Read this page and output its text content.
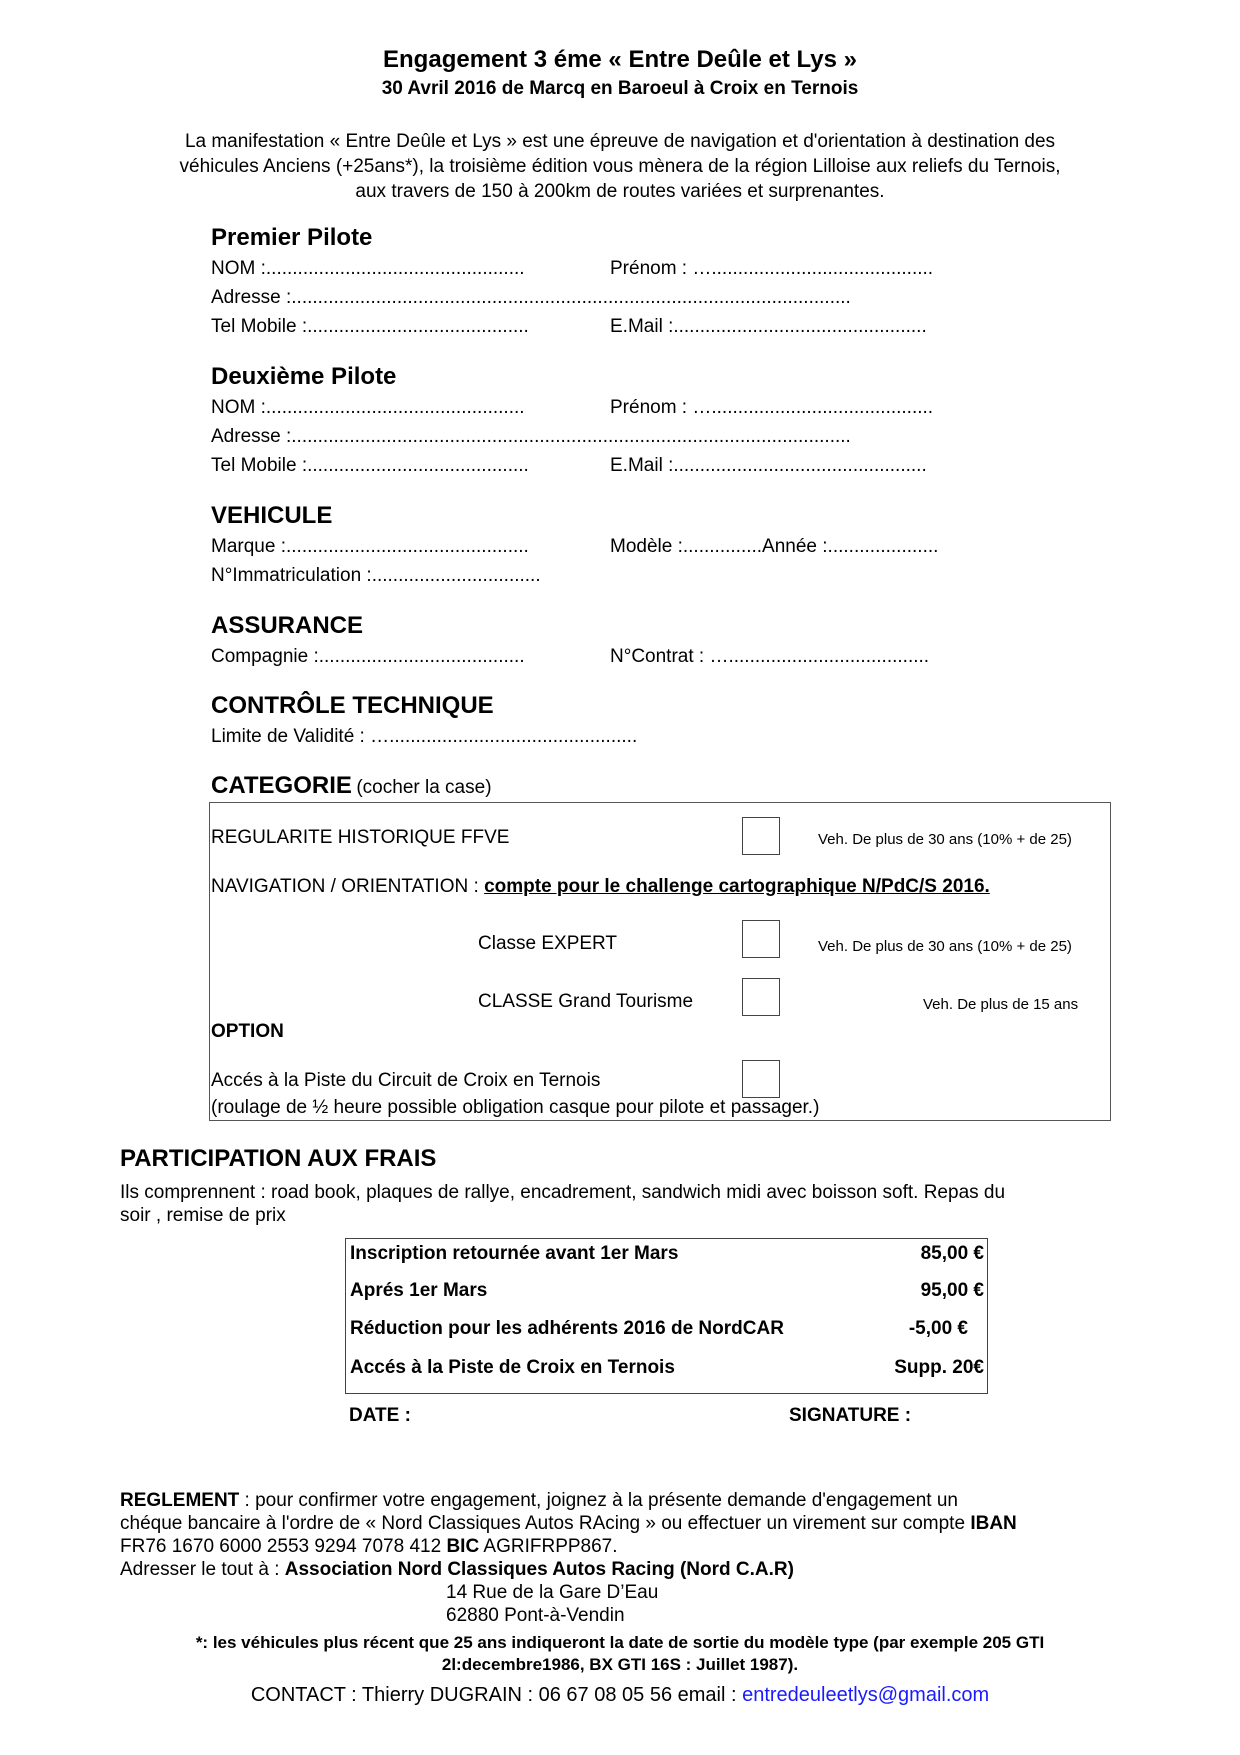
Engagement 3 éme « Entre Deûle et Lys »
30 Avril 2016 de Marcq en Baroeul à Croix en Ternois
La manifestation « Entre Deûle et Lys » est une épreuve de navigation et d'orientation à destination des
véhicules Anciens (+25ans*), la troisième édition vous mènera de la région Lilloise aux reliefs du Ternois,
aux travers de 150 à 200km de routes variées et surprenantes.
Premier Pilote
NOM :.................................................	Prénom : …..........................................
Adresse :..........................................................................................................
Tel Mobile :..........................................	E.Mail :................................................
Deuxième Pilote
NOM :.................................................	Prénom : …..........................................
Adresse :..........................................................................................................
Tel Mobile :..........................................	E.Mail :................................................
VEHICULE
Marque :..............................................	Modèle :...............Année :.....................
N°Immatriculation :................................
ASSURANCE
Compagnie :.......................................	N°Contrat : …......................................
CONTRÔLE TECHNIQUE
Limite de Validité : …...............................................
CATEGORIE (cocher la case)
REGULARITE HISTORIQUE FFVE	Veh. De plus de 30 ans (10% + de 25)
NAVIGATION / ORIENTATION : compte pour le challenge cartographique N/PdC/S 2016.
Classe EXPERT	Veh. De plus de 30 ans (10% + de 25)
CLASSE Grand Tourisme	Veh. De plus de 15 ans
OPTION
Accés à la Piste du Circuit de Croix en Ternois
(roulage de ½ heure possible obligation casque pour pilote et passager.)
PARTICIPATION AUX FRAIS
Ils comprennent : road book, plaques de rallye, encadrement, sandwich midi avec boisson soft. Repas du
soir , remise de prix
Inscription retournée avant 1er Mars	85,00 €
Aprés 1er Mars	95,00 €
Réduction pour les adhérents 2016 de NordCAR	-5,00 €
Accés à la Piste de Croix en Ternois	Supp. 20€
DATE :	SIGNATURE :
REGLEMENT : pour confirmer votre engagement, joignez à la présente demande d'engagement un
chéque bancaire à l'ordre de « Nord Classiques Autos RAcing » ou effectuer un virement sur compte IBAN
FR76 1670 6000 2553 9294 7078 412 BIC AGRIFRPP867.
Adresser le tout à : Association Nord Classiques Autos Racing (Nord C.A.R)
14 Rue de la Gare D’Eau
62880 Pont-à-Vendin
*: les véhicules plus récent que 25 ans indiqueront la date de sortie du modèle type (par exemple 205 GTI
2l:decembre1986, BX GTI 16S : Juillet 1987).
CONTACT : Thierry DUGRAIN : 06 67 08 05 56 email : entredeuleetlys@gmail.com
